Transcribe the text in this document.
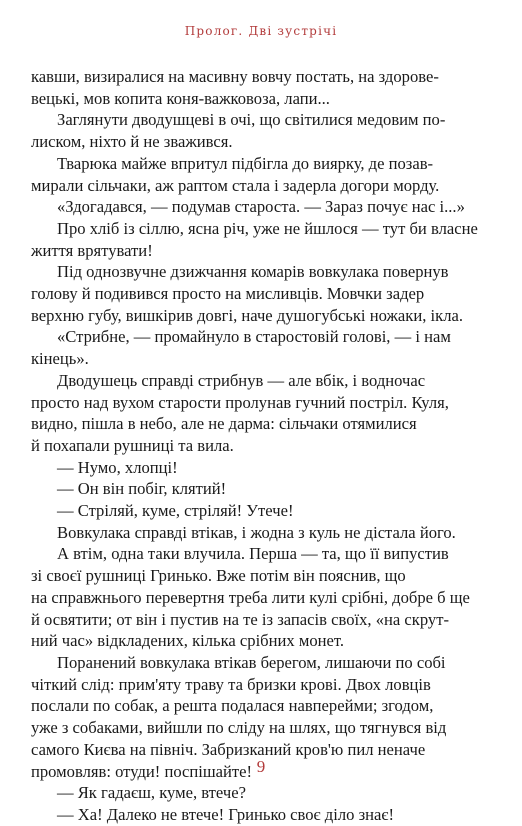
Пролог. Дві зустрічі

кавши, визиралися на масивну вовчу постать, на здорове-
вецькі, мов копита коня-важковоза, лапи...

Заглянути дводушцеві в очі, що світилися медовим по-
лиском, ніхто й не зважився.

Тварюка майже впритул підбігла до виярку, де позав-
мирали сільчаки, аж раптом стала і задерла догори морду.

«Здогадався, — подумав староста. — Зараз почує нас і...»

Про хліб із сіллю, ясна річ, уже не йшлося — тут би власне
життя врятувати!

Під однозвучне дзижчання комарів вовкулака повернув
голову й подивився просто на мисливців. Мовчки задер
верхню губу, вишкірив довгі, наче душогубські ножаки, ікла.

«Стрибне, — промайнуло в старостовій голові, — і нам
кінець».

Дводушець справді стрибнув — але вбік, і водночас
просто над вухом старости пролунав гучний постріл. Куля,
видно, пішла в небо, але не дарма: сільчаки отямилися
й похапали рушниці та вила.

— Нумо, хлопці!

— Он він побіг, клятий!

— Стріляй, куме, стріляй! Утече!

Вовкулака справді втікав, і жодна з куль не дістала його.

А втім, одна таки влучила. Перша — та, що її випустив
зі своєї рушниці Гринько. Вже потім він пояснив, що
на справжнього перевертня треба лити кулі срібні, добре б ще
й освятити; от він і пустив на те із запасів своїх, «на скрут-
ний час» відкладених, кілька срібних монет.

Поранений вовкулака втікав берегом, лишаючи по собі
чіткий слід: прим'яту траву та бризки крові. Двох ловців
послали по собак, а решта подалася навперейми; згодом,
уже з собаками, вийшли по сліду на шлях, що тягнувся від
самого Києва на північ. Забризканий кров'ю пил неначе
промовляв: отуди! поспішайте!

— Як гадаєш, куме, втече?

— Ха! Далеко не втече! Гринько своє діло знає!

9
